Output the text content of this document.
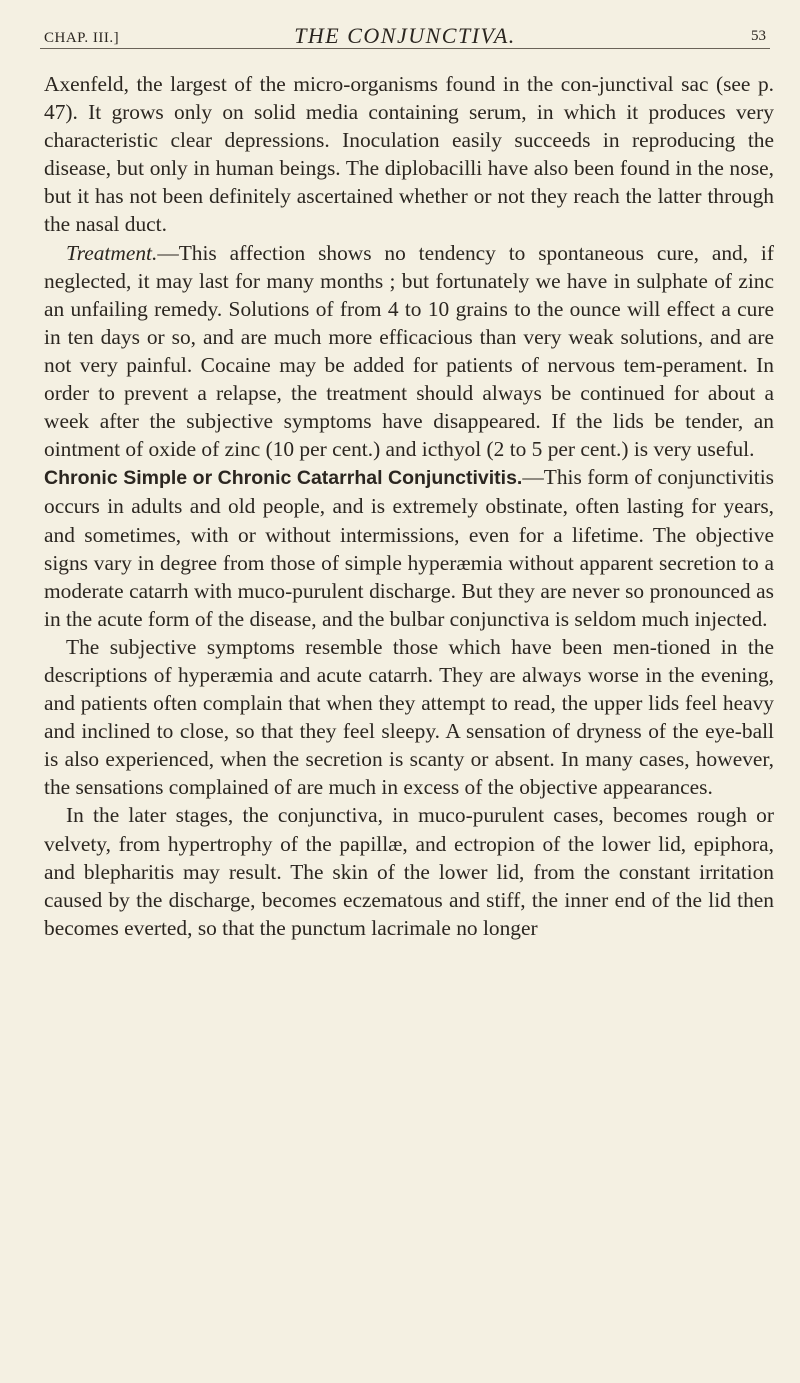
CHAP. III.]	THE CONJUNCTIVA.	53

Axenfeld, the largest of the micro-organisms found in the con-junctival sac (see p. 47). It grows only on solid media containing serum, in which it produces very characteristic clear depressions. Inoculation easily succeeds in reproducing the disease, but only in human beings. The diplobacilli have also been found in the nose, but it has not been definitely ascertained whether or not they reach the latter through the nasal duct.

Treatment.—This affection shows no tendency to spontaneous cure, and, if neglected, it may last for many months ; but fortunately we have in sulphate of zinc an unfailing remedy. Solutions of from 4 to 10 grains to the ounce will effect a cure in ten days or so, and are much more efficacious than very weak solutions, and are not very painful. Cocaine may be added for patients of nervous tem-perament. In order to prevent a relapse, the treatment should always be continued for about a week after the subjective symptoms have disappeared. If the lids be tender, an ointment of oxide of zinc (10 per cent.) and icthyol (2 to 5 per cent.) is very useful.

Chronic Simple or Chronic Catarrhal Conjunctivitis.—This form of conjunctivitis occurs in adults and old people, and is extremely obstinate, often lasting for years, and sometimes, with or without intermissions, even for a lifetime. The objective signs vary in degree from those of simple hyperæmia without apparent secretion to a moderate catarrh with muco-purulent discharge. But they are never so pronounced as in the acute form of the disease, and the bulbar conjunctiva is seldom much injected.

The subjective symptoms resemble those which have been men-tioned in the descriptions of hyperæmia and acute catarrh. They are always worse in the evening, and patients often complain that when they attempt to read, the upper lids feel heavy and inclined to close, so that they feel sleepy. A sensation of dryness of the eye-ball is also experienced, when the secretion is scanty or absent. In many cases, however, the sensations complained of are much in excess of the objective appearances.

In the later stages, the conjunctiva, in muco-purulent cases, becomes rough or velvety, from hypertrophy of the papillæ, and ectropion of the lower lid, epiphora, and blepharitis may result. The skin of the lower lid, from the constant irritation caused by the discharge, becomes eczematous and stiff, the inner end of the lid then becomes everted, so that the punctum lacrimale no longer
